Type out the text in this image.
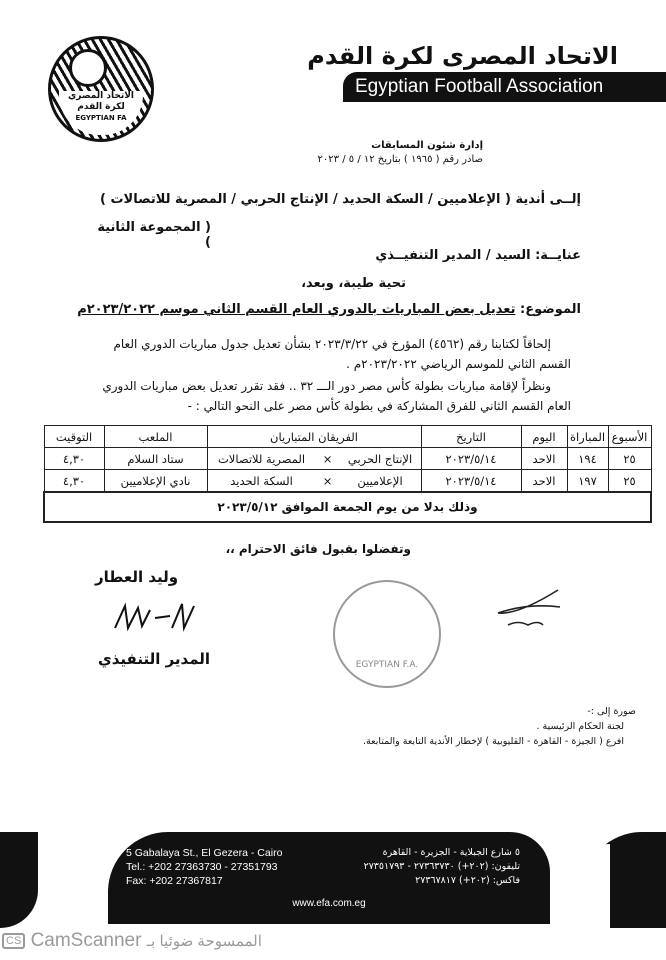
الاتحاد المصري لكرة القدم
EGYPTIAN FA
الاتحاد المصرى لكرة القدم
Egyptian Football Association
إدارة شئون المسابقات
صادر رقم ( ١٩٦٥ ) بتاريخ ١٢ / ٥ / ٢٠٢٣
إلــى أندية ( الإعلاميين / السكة الحديد / الإنتاج الحربي / المصرية للاتصالات )
( المجموعة الثانية )
عنايــة: السيد / المدير التنفيــذي
تحية طيبة، وبعد،
الموضوع: تعديل بعض المباريات بالدوري العام القسم الثاني موسم ٢٠٢٣/٢٠٢٢م
إلحاقاً لكتابنا رقم (٤٥٦٢) المؤرخ في ٢٠٢٣/٣/٢٢ بشأن تعديل جدول مباريات الدوري العام القسم الثاني للموسم الرياضي ٢٠٢٣/٢٠٢٢م .
ونظراً لإقامة مباريات بطولة كأس مصر دور الـــ ٣٢ .. فقد تقرر تعديل بعض مباريات الدوري العام القسم الثاني للفرق المشاركة في بطولة كأس مصر على النحو التالي : -
الأسبوع	المباراة	اليوم	التاريخ	الفريقان المتباريان			الملعب	التوقيت
٢٥	١٩٤	الاحد	٢٠٢٣/٥/١٤	الإنتاج الحربي	×	المصرية للاتصالات	ستاد السلام	٤,٣٠
٢٥	١٩٧	الاحد	٢٠٢٣/٥/١٤	الإعلاميين	×	السكة الحديد	نادي الإعلاميين	٤,٣٠
وذلك بدلا من يوم الجمعة الموافق ٢٠٢٣/٥/١٢								
وتفضلوا بقبول فائق الاحترام ،،
وليد العطار
المدير التنفيذي	EGYPTIAN F.A.
صورة إلى :-
لجنة الحكام الرئيسية .
افرع ( الجيزة - القاهرة - القليوبية ) لإخطار الأندية التابعة والمتابعة.
5 Gabalaya St., El Gezera - Cairo
Tel.: +202 27363730 - 27351793
Fax: +202 27367817
٥ شارع الجبلاية - الجزيرة - القاهرة
تليفون: (٢٠٢+) ٢٧٣٦٣٧٣٠ - ٢٧٣٥١٧٩٣
فاكس: (٢٠٢+) ٢٧٣٦٧٨١٧
www.efa.com.eg
CS CamScanner الممسوحة ضوئيا بـ
